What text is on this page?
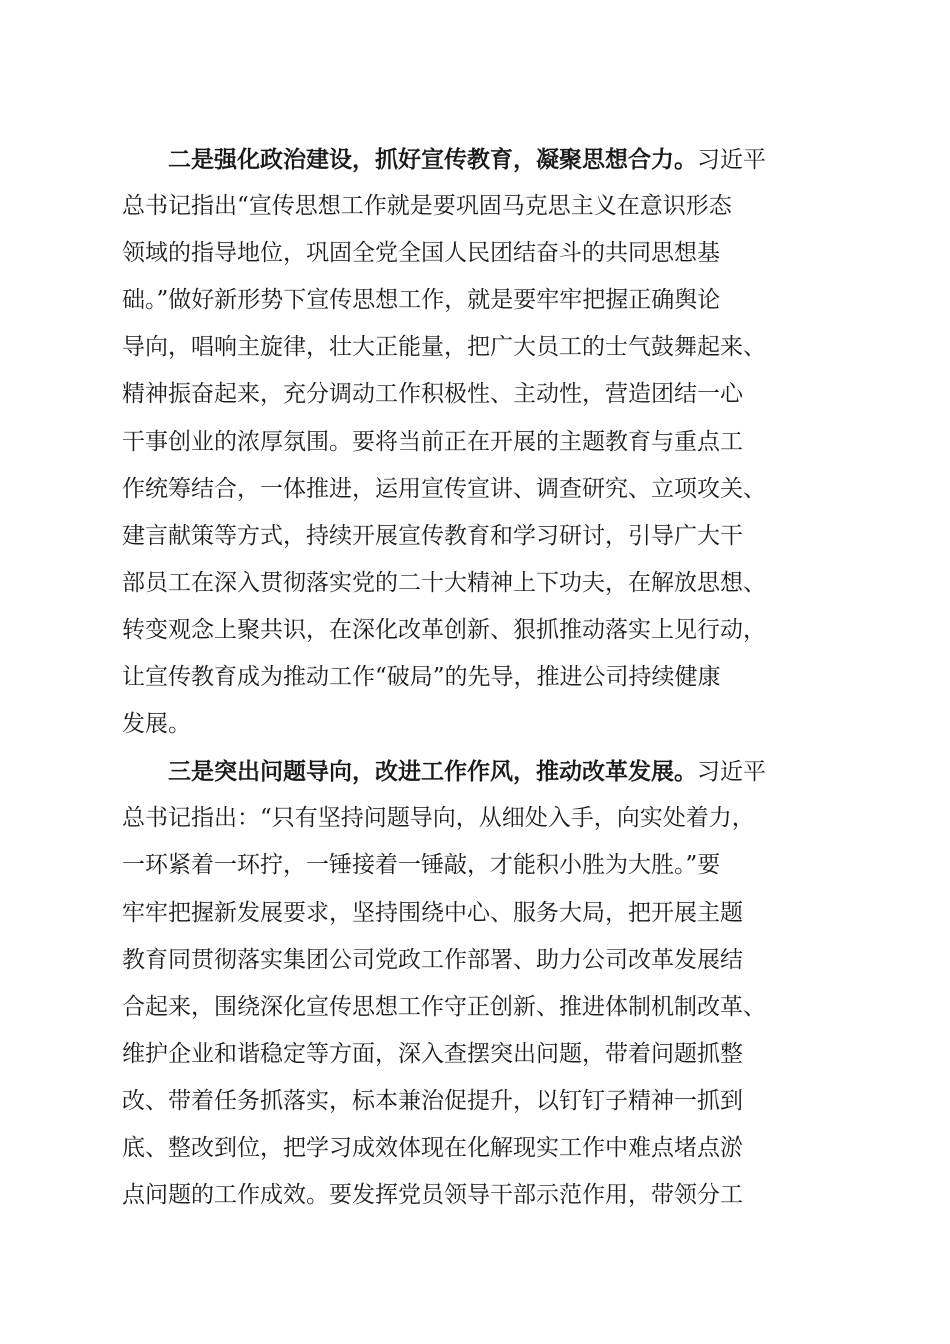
二是强化政治建设，抓好宣传教育，凝聚思想合力。习近平
总书记指出“宣传思想工作就是要巩固马克思主义在意识形态
领域的指导地位，巩固全党全国人民团结奋斗的共同思想基
础。”做好新形势下宣传思想工作，就是要牢牢把握正确舆论
导向，唱响主旋律，壮大正能量，把广大员工的士气鼓舞起来、
精神振奋起来，充分调动工作积极性、主动性，营造团结一心
干事创业的浓厚氛围。要将当前正在开展的主题教育与重点工
作统筹结合，一体推进，运用宣传宣讲、调查研究、立项攻关、
建言献策等方式，持续开展宣传教育和学习研讨，引导广大干
部员工在深入贯彻落实党的二十大精神上下功夫，在解放思想、
转变观念上聚共识，在深化改革创新、狠抓推动落实上见行动，
让宣传教育成为推动工作“破局”的先导，推进公司持续健康
发展。
三是突出问题导向，改进工作作风，推动改革发展。习近平
总书记指出：“只有坚持问题导向，从细处入手，向实处着力，
一环紧着一环拧，一锤接着一锤敲，才能积小胜为大胜。”要
牢牢把握新发展要求，坚持围绕中心、服务大局，把开展主题
教育同贯彻落实集团公司党政工作部署、助力公司改革发展结
合起来，围绕深化宣传思想工作守正创新、推进体制机制改革、
维护企业和谐稳定等方面，深入查摆突出问题，带着问题抓整
改、带着任务抓落实，标本兼治促提升，以钉钉子精神一抓到
底、整改到位，把学习成效体现在化解现实工作中难点堵点淤
点问题的工作成效。要发挥党员领导干部示范作用，带领分工
